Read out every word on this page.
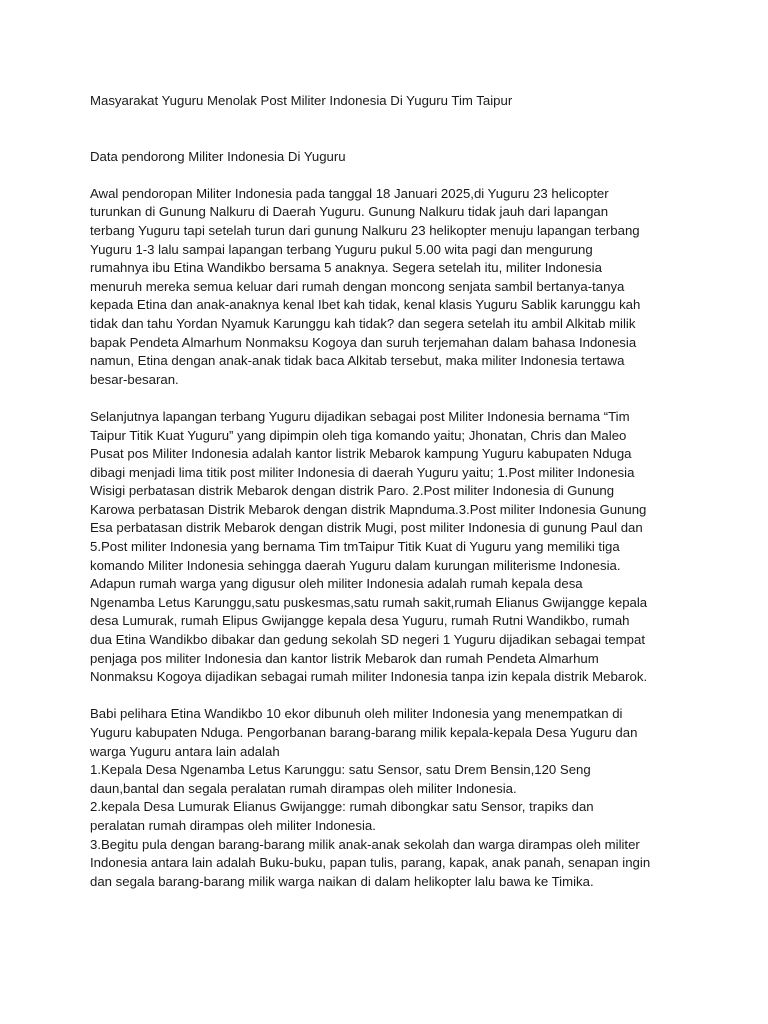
Masyarakat Yuguru Menolak Post Militer Indonesia Di Yuguru Tim Taipur
Data pendorong Militer Indonesia Di Yuguru

Awal pendoropan Militer Indonesia pada tanggal 18 Januari 2025,di Yuguru 23 helicopter
turunkan di Gunung Nalkuru di Daerah Yuguru. Gunung Nalkuru tidak jauh dari lapangan
terbang Yuguru tapi setelah turun dari gunung Nalkuru 23 helikopter menuju lapangan terbang
Yuguru 1-3 lalu sampai lapangan terbang Yuguru pukul 5.00 wita pagi dan mengurung
rumahnya ibu Etina Wandikbo bersama 5 anaknya. Segera setelah itu, militer Indonesia
menuruh mereka semua keluar dari rumah dengan moncong senjata sambil bertanya-tanya
kepada Etina dan anak-anaknya kenal Ibet kah tidak, kenal klasis Yuguru Sablik karunggu kah
tidak dan tahu Yordan Nyamuk Karunggu kah tidak? dan segera setelah itu ambil Alkitab milik
bapak Pendeta Almarhum Nonmaksu Kogoya dan suruh terjemahan dalam bahasa Indonesia
namun, Etina dengan anak-anak tidak baca Alkitab tersebut, maka militer Indonesia tertawa
besar-besaran.

Selanjutnya lapangan terbang Yuguru dijadikan sebagai post Militer Indonesia bernama “Tim
Taipur Titik Kuat Yuguru” yang dipimpin oleh tiga komando yaitu; Jhonatan, Chris dan Maleo
Pusat pos Militer Indonesia adalah kantor listrik Mebarok kampung Yuguru kabupaten Nduga
dibagi menjadi lima titik post militer Indonesia di daerah Yuguru yaitu; 1.Post militer Indonesia
Wisigi perbatasan distrik Mebarok dengan distrik Paro. 2.Post militer Indonesia di Gunung
Karowa perbatasan Distrik Mebarok dengan distrik Mapnduma.3.Post militer Indonesia Gunung
Esa perbatasan distrik Mebarok dengan distrik Mugi, post militer Indonesia di gunung Paul dan
5.Post militer Indonesia yang bernama Tim tmTaipur Titik Kuat di Yuguru yang memiliki tiga
komando Militer Indonesia sehingga daerah Yuguru dalam kurungan militerisme Indonesia.
Adapun rumah warga yang digusur oleh militer Indonesia adalah rumah kepala desa
Ngenamba Letus Karunggu,satu puskesmas,satu rumah sakit,rumah Elianus Gwijangge kepala
desa Lumurak, rumah Elipus Gwijangge kepala desa Yuguru, rumah Rutni Wandikbo, rumah
dua Etina Wandikbo dibakar dan gedung sekolah SD negeri 1 Yuguru dijadikan sebagai tempat
penjaga pos militer Indonesia dan kantor listrik Mebarok dan rumah Pendeta Almarhum
Nonmaksu Kogoya dijadikan sebagai rumah militer Indonesia tanpa izin kepala distrik Mebarok.

Babi pelihara Etina Wandikbo 10 ekor dibunuh oleh militer Indonesia yang menempatkan di
Yuguru kabupaten Nduga. Pengorbanan barang-barang milik kepala-kepala Desa Yuguru dan
warga Yuguru antara lain adalah
1.Kepala Desa Ngenamba Letus Karunggu: satu Sensor, satu Drem Bensin,120 Seng
daun,bantal dan segala peralatan rumah dirampas oleh militer Indonesia.
2.kepala Desa Lumurak Elianus Gwijangge: rumah dibongkar satu Sensor, trapiks dan
peralatan rumah dirampas oleh militer Indonesia.
3.Begitu pula dengan barang-barang milik anak-anak sekolah dan warga dirampas oleh militer
Indonesia antara lain adalah Buku-buku, papan tulis, parang, kapak, anak panah, senapan ingin
dan segala barang-barang milik warga naikan di dalam helikopter lalu bawa ke Timika.
